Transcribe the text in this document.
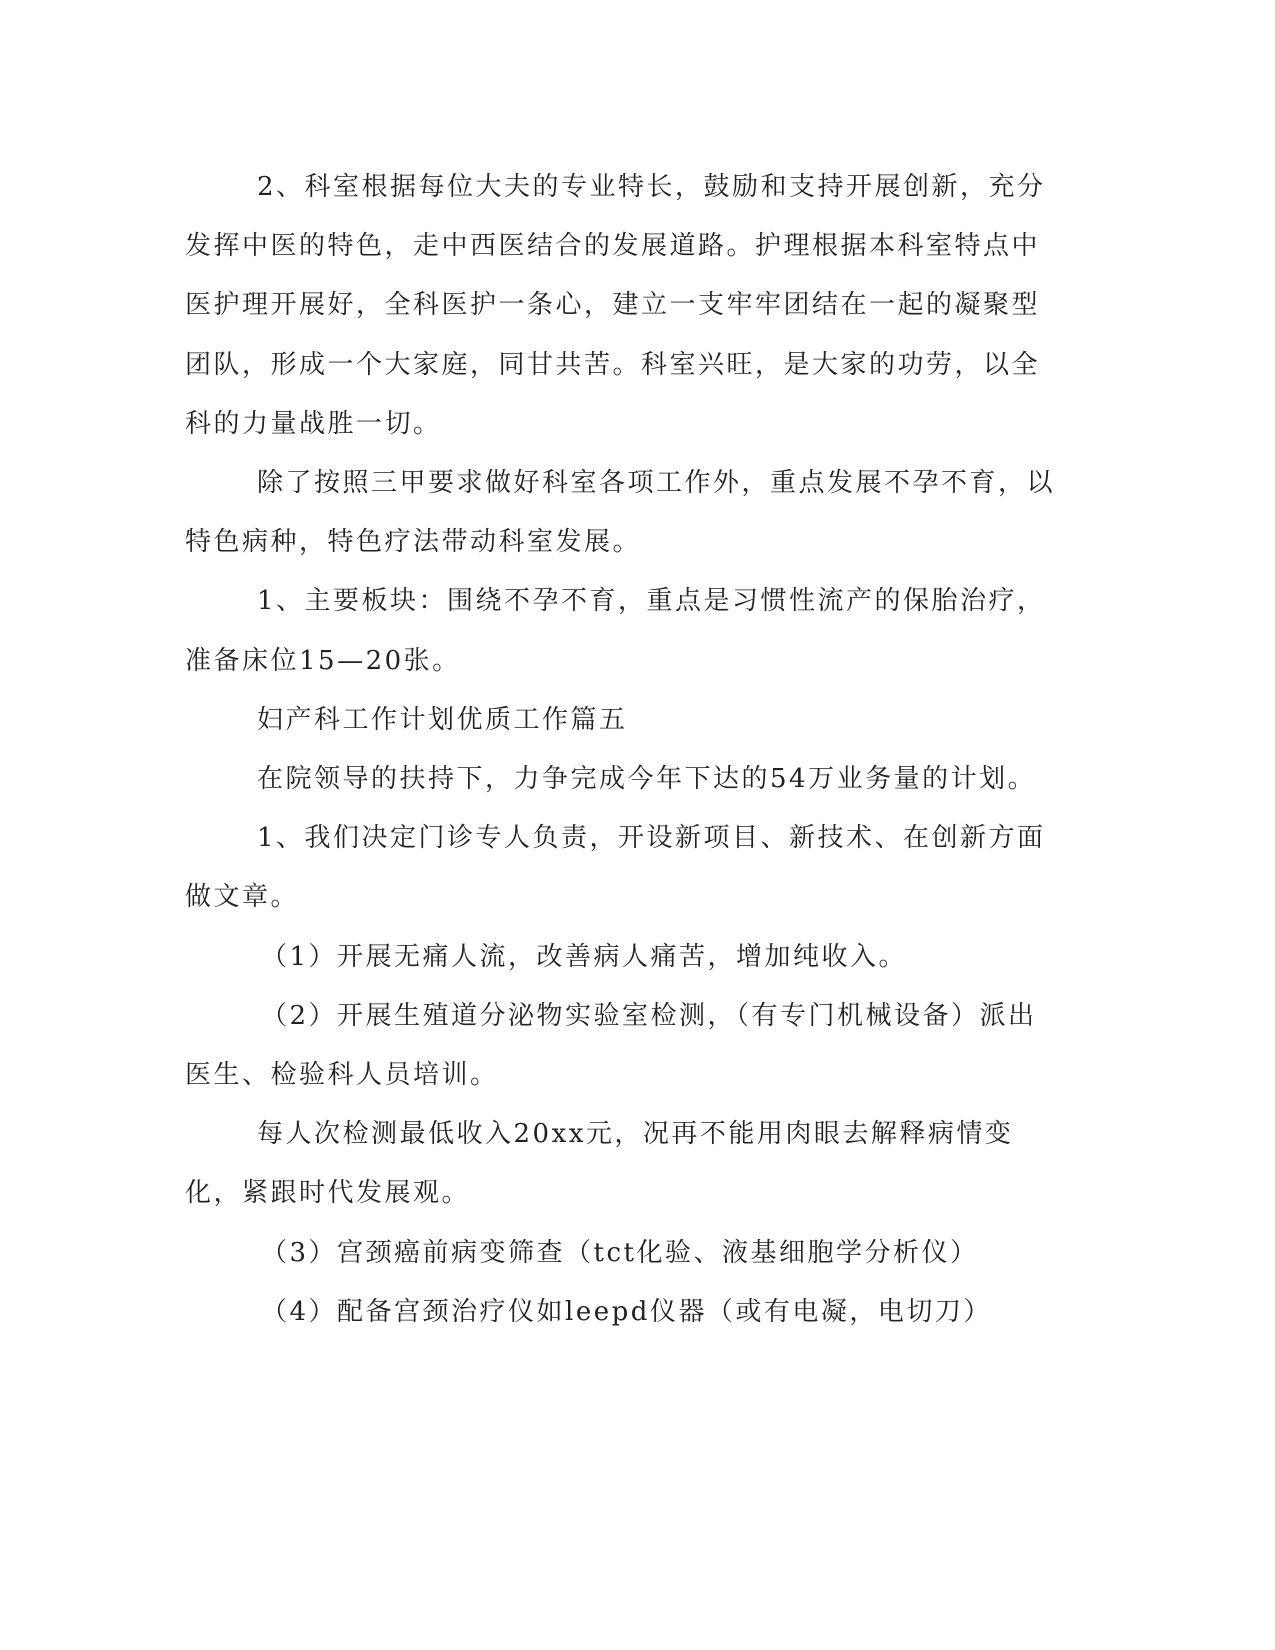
2、科室根据每位大夫的专业特长，鼓励和支持开展创新，充分发挥中医的特色，走中西医结合的发展道路。护理根据本科室特点中医护理开展好，全科医护一条心，建立一支牢牢团结在一起的凝聚型团队，形成一个大家庭，同甘共苦。科室兴旺，是大家的功劳，以全科的力量战胜一切。

除了按照三甲要求做好科室各项工作外，重点发展不孕不育，以特色病种，特色疗法带动科室发展。

1、主要板块：围绕不孕不育，重点是习惯性流产的保胎治疗，准备床位15—20张。

妇产科工作计划优质工作篇五

在院领导的扶持下，力争完成今年下达的54万业务量的计划。

1、我们决定门诊专人负责，开设新项目、新技术、在创新方面做文章。

（1）开展无痛人流，改善病人痛苦，增加纯收入。

（2）开展生殖道分泌物实验室检测，（有专门机械设备）派出医生、检验科人员培训。

每人次检测最低收入20xx元，况再不能用肉眼去解释病情变化，紧跟时代发展观。

（3）宫颈癌前病变筛查（tct化验、液基细胞学分析仪）

（4）配备宫颈治疗仪如leepd仪器（或有电凝，电切刀）
